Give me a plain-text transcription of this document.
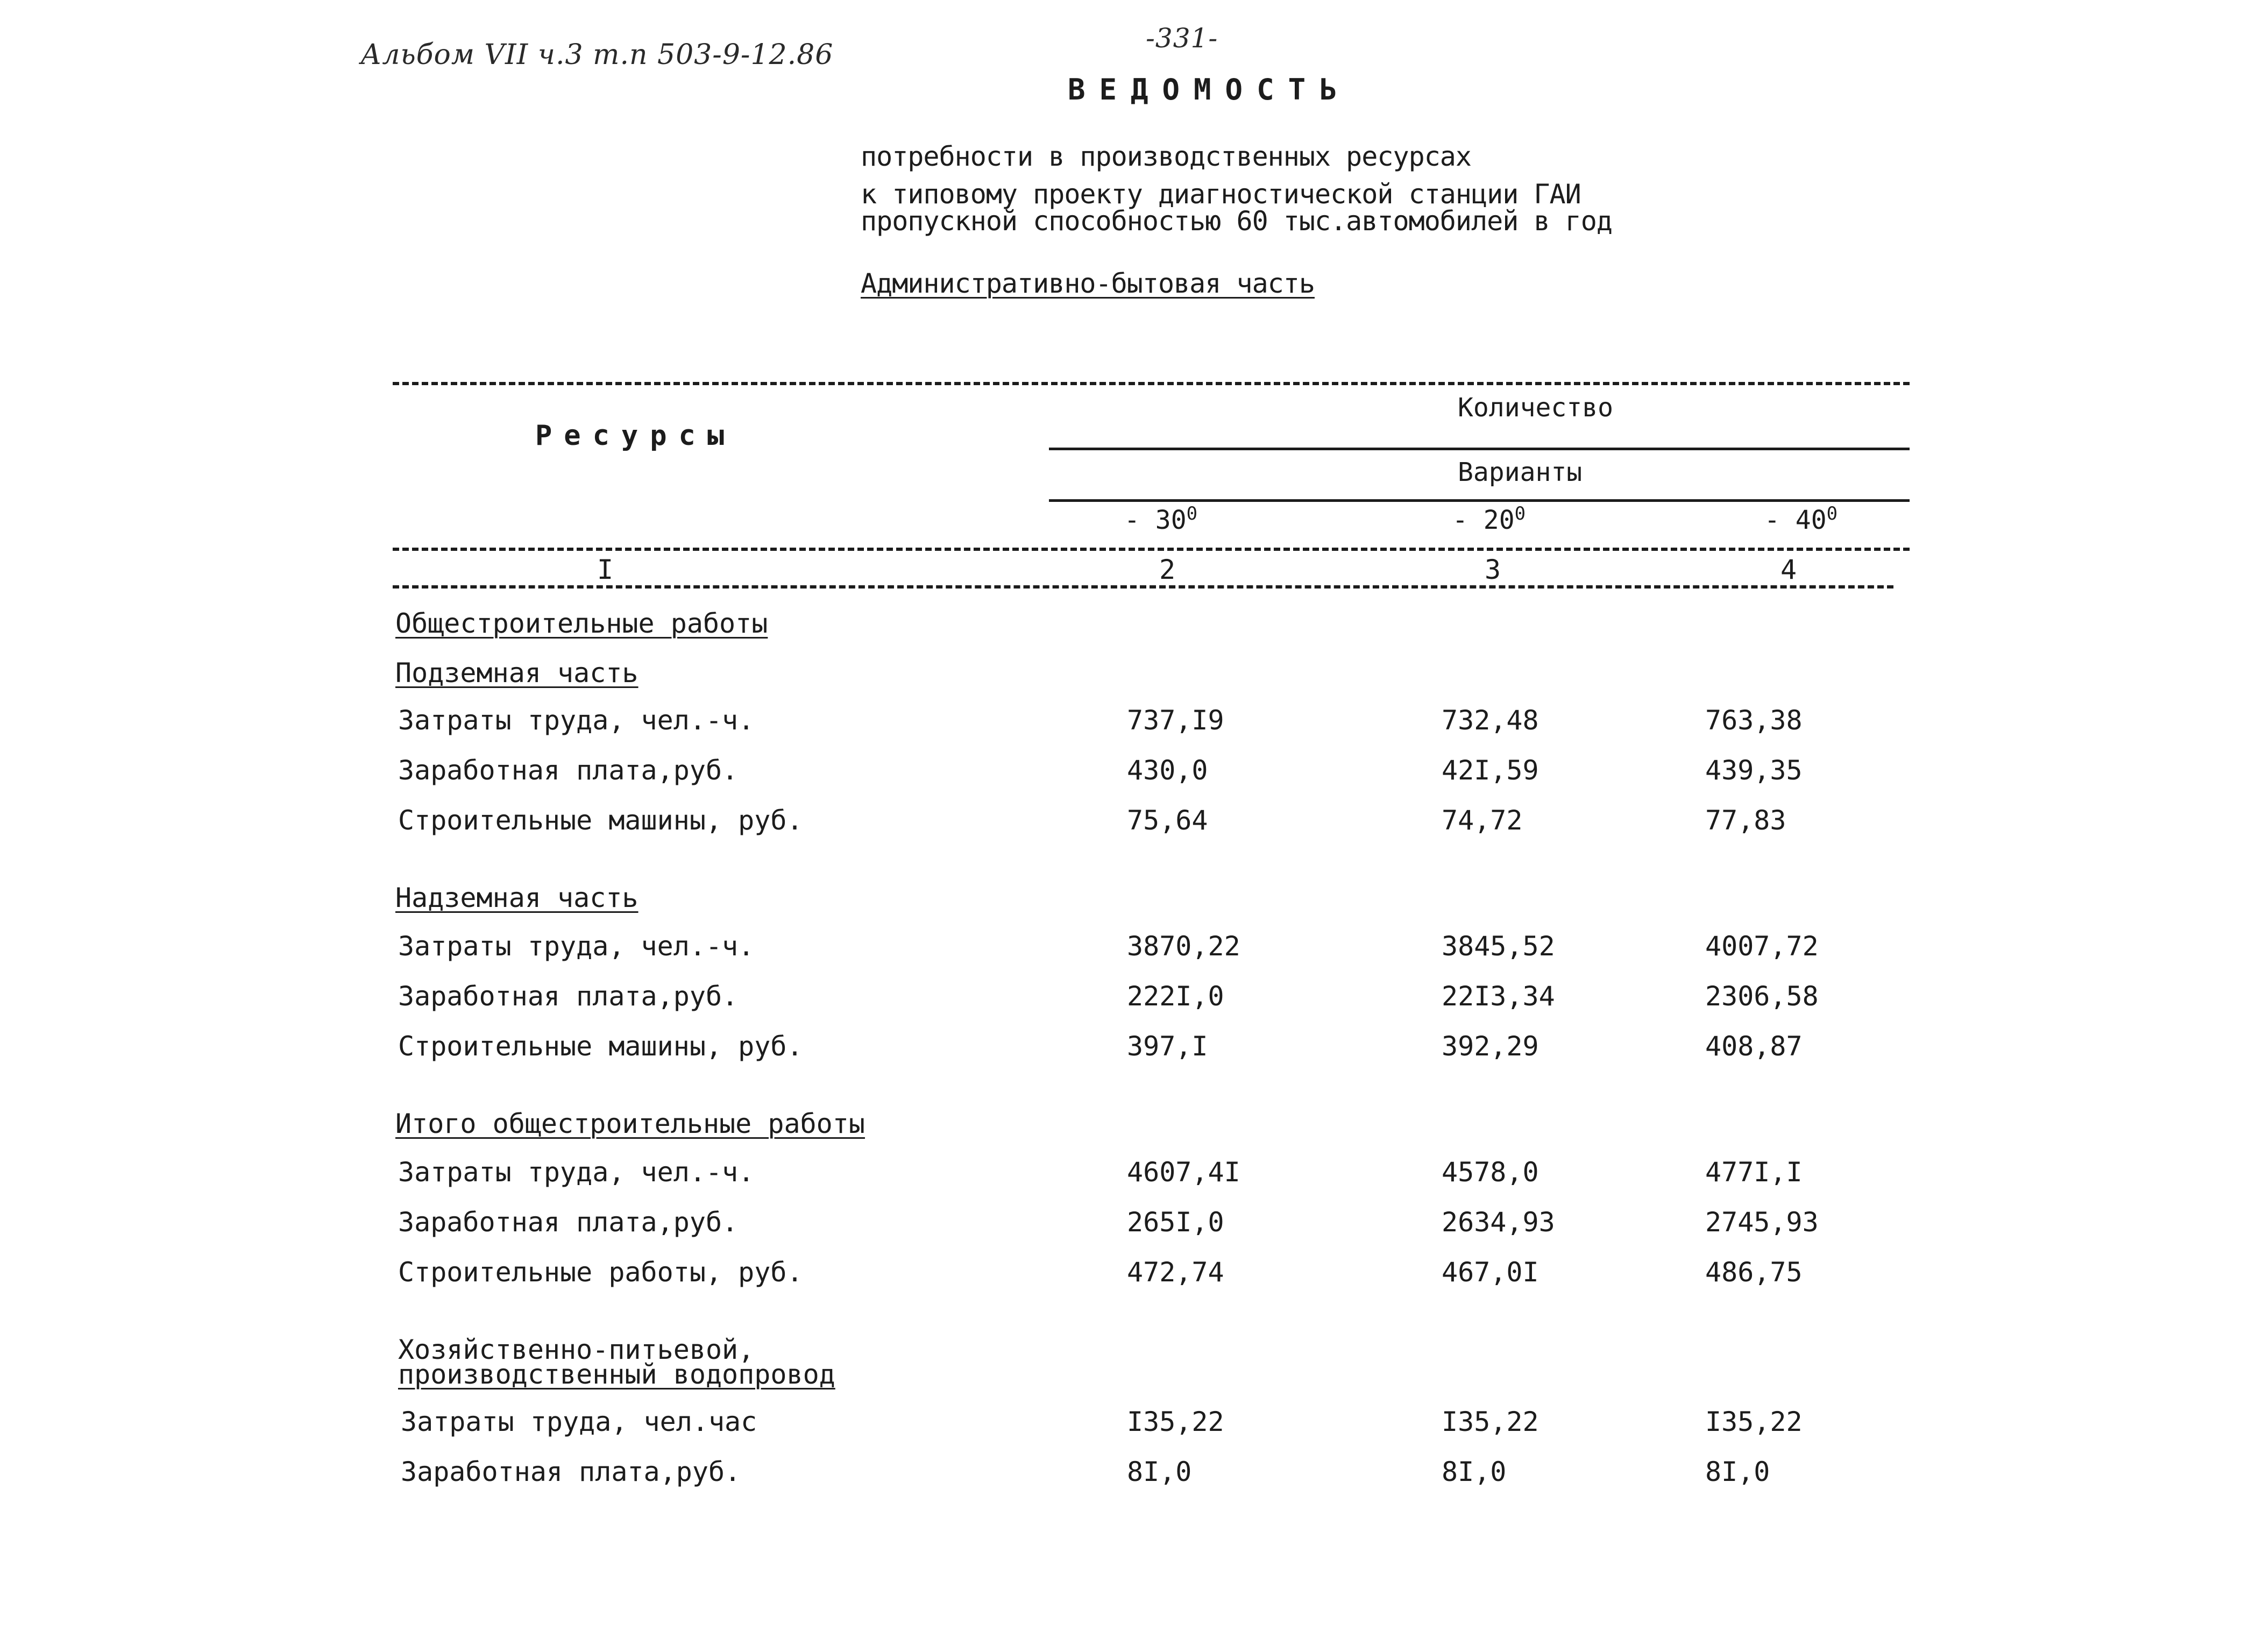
Альбом VII ч.3 т.п 503-9-12.86
-331-
ВЕДОМОСТЬ
потребности в производственных ресурсах
к типовому проекту диагностической станции ГАИ
пропускной способностью 60 тыс.автомобилей в год
Административно-бытовая часть
Ресурсы
Количество
Варианты
- $30^0$	- $20^0$	- $40^0$
I	2	3	4
Общестроительные работы
Подземная часть
Затраты труда, чел.-ч.	737,I9	732,48	763,38
Заработная плата,руб.	430,0	42I,59	439,35
Строительные машины, руб.	75,64	74,72	77,83
Надземная часть
Затраты труда, чел.-ч.	3870,22	3845,52	4007,72
Заработная плата,руб.	222I,0	22I3,34	2306,58
Строительные машины, руб.	397,I	392,29	408,87
Итого общестроительные работы
Затраты труда, чел.-ч.	4607,4I	4578,0	477I,I
Заработная плата,руб.	265I,0	2634,93	2745,93
Строительные работы, руб.	472,74	467,0I	486,75
Хозяйственно-питьевой,
производственный водопровод
Затраты труда, чел.час	I35,22	I35,22	I35,22
Заработная плата,руб.	8I,0	8I,0	8I,0
